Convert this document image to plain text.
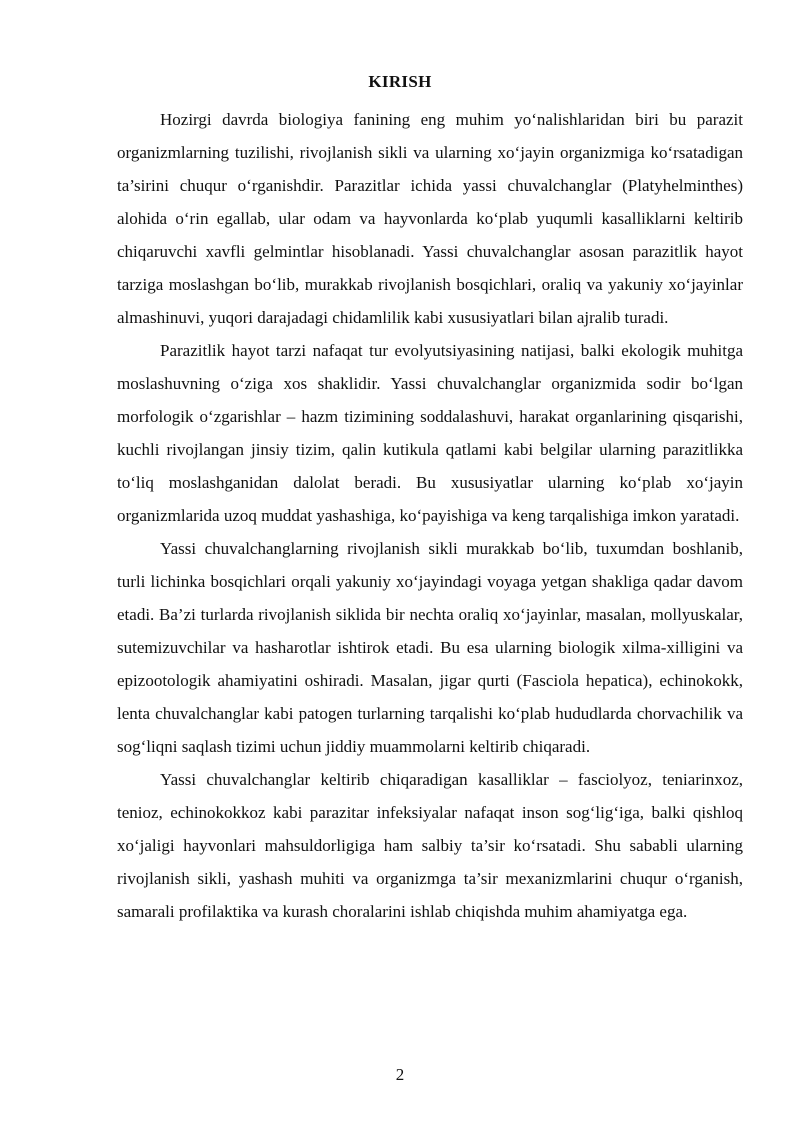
KIRISH

Hozirgi davrda biologiya fanining eng muhim yo‘nalishlaridan biri bu parazit organizmlarning tuzilishi, rivojlanish sikli va ularning xo‘jayin organizmiga ko‘rsatadigan ta’sirini chuqur o‘rganishdir. Parazitlar ichida yassi chuvalchanglar (Platyhelminthes) alohida o‘rin egallab, ular odam va hayvonlarda ko‘plab yuqumli kasalliklarni keltirib chiqaruvchi xavfli gelmintlar hisoblanadi. Yassi chuvalchanglar asosan parazitlik hayot tarziga moslashgan bo‘lib, murakkab rivojlanish bosqichlari, oraliq va yakuniy xo‘jayinlar almashinuvi, yuqori darajadagi chidamlilik kabi xususiyatlari bilan ajralib turadi.

Parazitlik hayot tarzi nafaqat tur evolyutsiyasining natijasi, balki ekologik muhitga moslashuvning o‘ziga xos shaklidir. Yassi chuvalchanglar organizmida sodir bo‘lgan morfologik o‘zgarishlar – hazm tizimining soddalashuvi, harakat organlarining qisqarishi, kuchli rivojlangan jinsiy tizim, qalin kutikula qatlami kabi belgilar ularning parazitlikka to‘liq moslashganidan dalolat beradi. Bu xususiyatlar ularning ko‘plab xo‘jayin organizmlarida uzoq muddat yashashiga, ko‘payishiga va keng tarqalishiga imkon yaratadi.

Yassi chuvalchanglarning rivojlanish sikli murakkab bo‘lib, tuxumdan boshlanib, turli lichinka bosqichlari orqali yakuniy xo‘jayindagi voyaga yetgan shakliga qadar davom etadi. Ba’zi turlarda rivojlanish siklida bir nechta oraliq xo‘jayinlar, masalan, mollyuskalar, sutemizuvchilar va hasharotlar ishtirok etadi. Bu esa ularning biologik xilma-xilligini va epizootologik ahamiyatini oshiradi. Masalan, jigar qurti (Fasciola hepatica), echinokokk, lenta chuvalchanglar kabi patogen turlarning tarqalishi ko‘plab hududlarda chorvachilik va sog‘liqni saqlash tizimi uchun jiddiy muammolarni keltirib chiqaradi.

Yassi chuvalchanglar keltirib chiqaradigan kasalliklar – fasciolyoz, teniarinxoz, tenioz, echinokokkoz kabi parazitar infeksiyalar nafaqat inson sog‘lig‘iga, balki qishloq xo‘jaligi hayvonlari mahsuldorligiga ham salbiy ta’sir ko‘rsatadi. Shu sababli ularning rivojlanish sikli, yashash muhiti va organizmga ta’sir mexanizmlarini chuqur o‘rganish, samarali profilaktika va kurash choralarini ishlab chiqishda muhim ahamiyatga ega.

2
